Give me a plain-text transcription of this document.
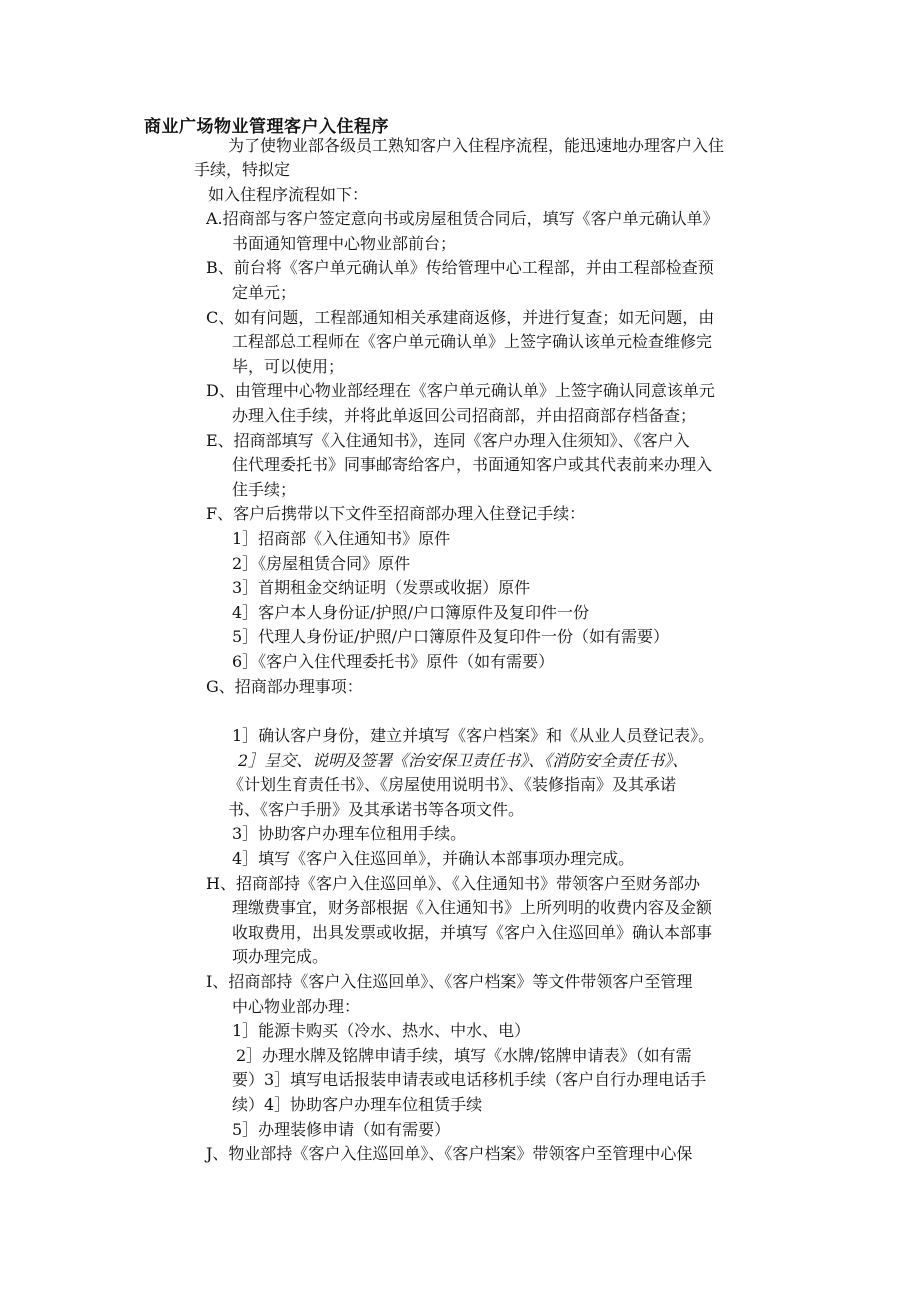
商业广场物业管理客户入住程序
为了使物业部各级员工熟知客户入住程序流程，能迅速地办理客户入住
手续，特拟定
如入住程序流程如下：
A.招商部与客户签定意向书或房屋租赁合同后，填写《客户单元确认单》
书面通知管理中心物业部前台；
B、前台将《客户单元确认单》传给管理中心工程部，并由工程部检查预
定单元；
C、如有问题，工程部通知相关承建商返修，并进行复查；如无问题，由
工程部总工程师在《客户单元确认单》上签字确认该单元检查维修完
毕，可以使用；
D、由管理中心物业部经理在《客户单元确认单》上签字确认同意该单元
办理入住手续，并将此单返回公司招商部，并由招商部存档备查；
E、招商部填写《入住通知书》，连同《客户办理入住须知》、《客户入
住代理委托书》同事邮寄给客户，书面通知客户或其代表前来办理入
住手续；
F、客户后携带以下文件至招商部办理入住登记手续：
1］招商部《入住通知书》原件
2］《房屋租赁合同》原件
3］首期租金交纳证明（发票或收据）原件
4］客户本人身份证/护照/户口簿原件及复印件一份
5］代理人身份证/护照/户口簿原件及复印件一份（如有需要）
6］《客户入住代理委托书》原件（如有需要）
G、招商部办理事项：
1］确认客户身份，建立并填写《客户档案》和《从业人员登记表》。
2］呈交、说明及签署《治安保卫责任书》、《消防安全责任书》、
《计划生育责任书》、《房屋使用说明书》、《装修指南》及其承诺
书、《客户手册》及其承诺书等各项文件。
3］协助客户办理车位租用手续。
4］填写《客户入住巡回单》，并确认本部事项办理完成。
H、招商部持《客户入住巡回单》、《入住通知书》带领客户至财务部办
理缴费事宜，财务部根据《入住通知书》上所列明的收费内容及金额
收取费用，出具发票或收据，并填写《客户入住巡回单》确认本部事
项办理完成。
I、招商部持《客户入住巡回单》、《客户档案》等文件带领客户至管理
中心物业部办理：
1］能源卡购买（冷水、热水、中水、电）
2］办理水牌及铭牌申请手续，填写《水牌/铭牌申请表》（如有需
要）3］填写电话报装申请表或电话移机手续（客户自行办理电话手
续）4］协助客户办理车位租赁手续
5］办理装修申请（如有需要）
J、物业部持《客户入住巡回单》、《客户档案》带领客户至管理中心保
